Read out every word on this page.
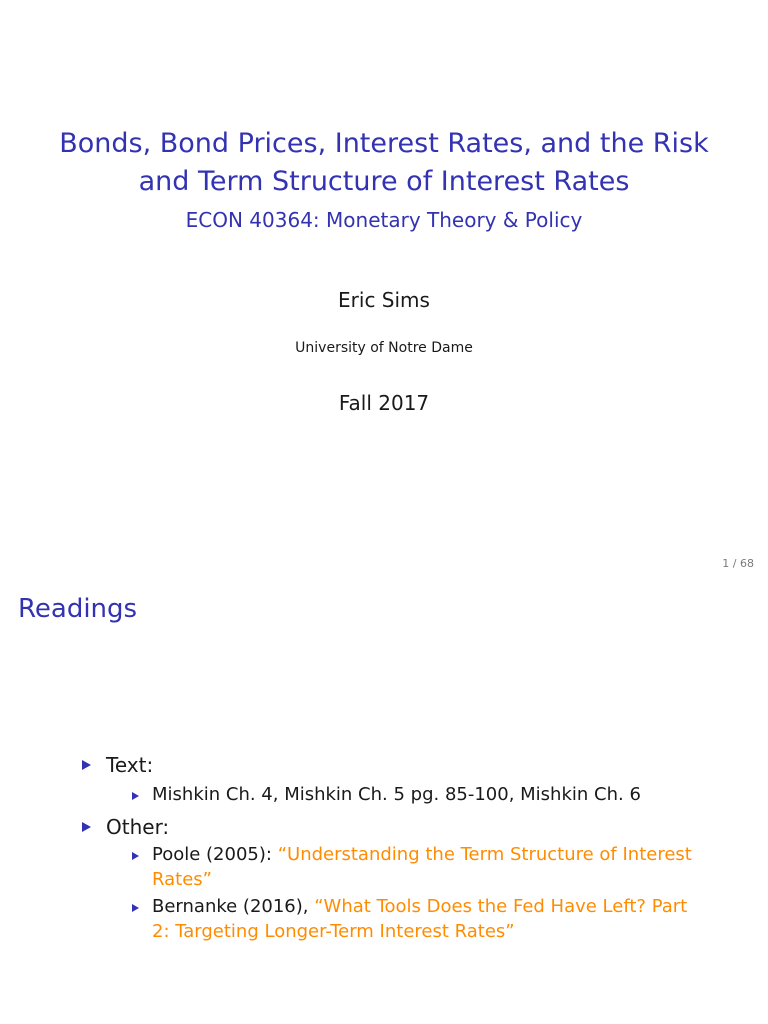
Bonds, Bond Prices, Interest Rates, and the Risk
and Term Structure of Interest Rates
ECON 40364: Monetary Theory & Policy
Eric Sims
University of Notre Dame
Fall 2017
1 / 68
Readings
Text:
Mishkin Ch. 4, Mishkin Ch. 5 pg. 85-100, Mishkin Ch. 6
Other:
Poole (2005): “Understanding the Term Structure of Interest
Rates”
Bernanke (2016), “What Tools Does the Fed Have Left? Part
2: Targeting Longer-Term Interest Rates”
